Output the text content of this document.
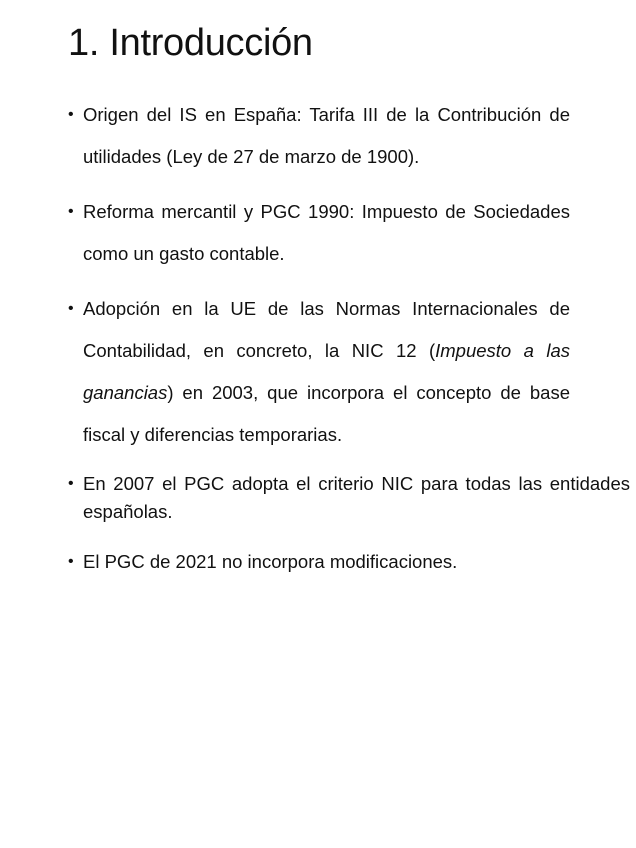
1. Introducción
• Origen del IS en España: Tarifa III de la Contribución de utilidades (Ley de 27 de marzo de 1900).
• Reforma mercantil y PGC 1990: Impuesto de Sociedades como un gasto contable.
• Adopción en la UE de las Normas Internacionales de Contabilidad, en concreto, la NIC 12 (Impuesto a las ganancias) en 2003, que incorpora el concepto de base fiscal y diferencias temporarias.
• En 2007 el PGC adopta el criterio NIC para todas las entidades españolas.
• El PGC de 2021 no incorpora modificaciones.
